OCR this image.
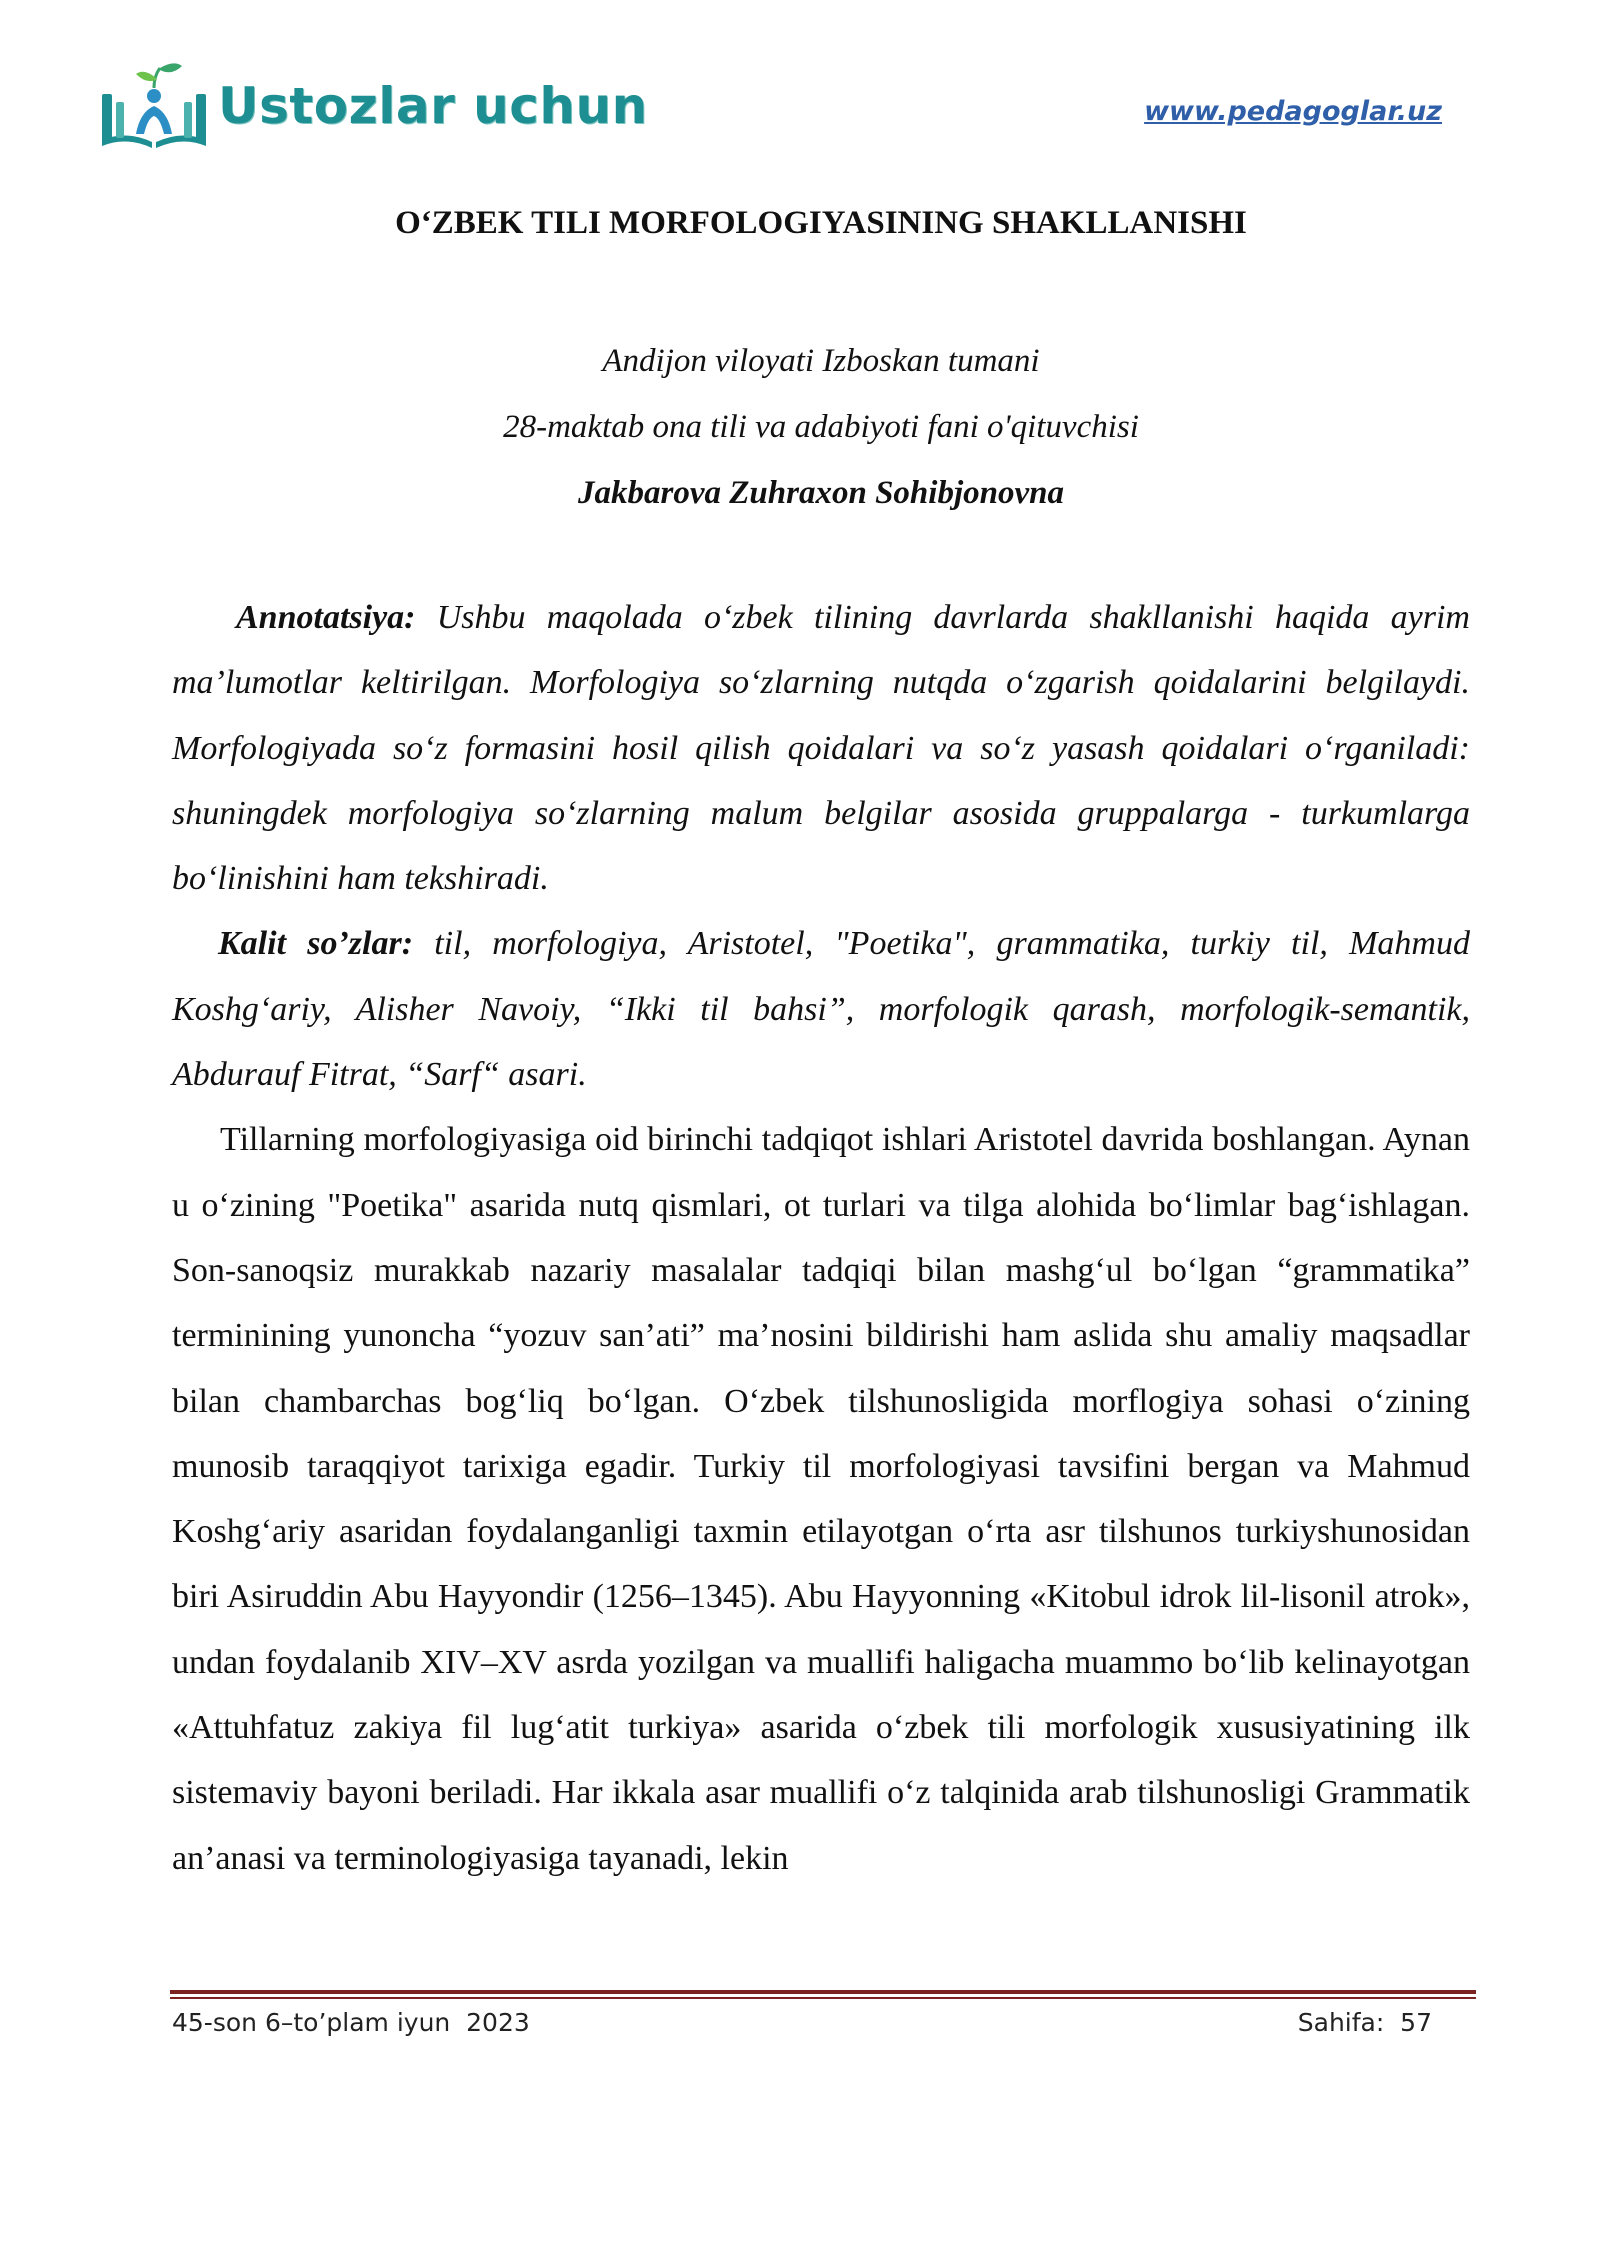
Ustozlar uchun	www.pedagoglar.uz
O‘ZBEK TILI MORFOLOGIYASINING SHAKLLANISHI
Andijon viloyati Izboskan tumani
28-maktab ona tili va adabiyoti fani o'qituvchisi
Jakbarova Zuhraxon Sohibjonovna

Annotatsiya: Ushbu maqolada o‘zbek tilining davrlarda shakllanishi haqida ayrim ma’lumotlar keltirilgan. Morfologiya so‘zlarning nutqda o‘zgarish qoidalarini belgilaydi. Morfologiyada so‘z formasini hosil qilish qoidalari va so‘z yasash qoidalari o‘rganiladi: shuningdek morfologiya so‘zlarning malum belgilar asosida gruppalarga - turkumlarga bo‘linishini ham tekshiradi.

Kalit so’zlar: til, morfologiya, Aristotel, "Poetika", grammatika, turkiy til, Mahmud Koshg‘ariy, Alisher Navoiy, “Ikki til bahsi”, morfologik qarash, morfologik-semantik, Abdurauf Fitrat, “Sarf“ asari.

Tillarning morfologiyasiga oid birinchi tadqiqot ishlari Aristotel davrida boshlangan. Aynan u o‘zining "Poetika" asarida nutq qismlari, ot turlari va tilga alohida bo‘limlar bag‘ishlagan. Son-sanoqsiz murakkab nazariy masalalar tadqiqi bilan mashg‘ul bo‘lgan “grammatika” terminining yunoncha “yozuv san’ati” ma’nosini bildirishi ham aslida shu amaliy maqsadlar bilan chambarchas bog‘liq bo‘lgan. O‘zbek tilshunosligida morflogiya sohasi o‘zining munosib taraqqiyot tarixiga egadir. Turkiy til morfologiyasi tavsifini bergan va Mahmud Koshg‘ariy asaridan foydalanganligi taxmin etilayotgan o‘rta asr tilshunos turkiyshunosidan biri Asiruddin Abu Hayyondir (1256–1345). Abu Hayyonning «Kitobul idrok lil-lisonil atrok», undan foydalanib XIV–XV asrda yozilgan va muallifi haligacha muammo bo‘lib kelinayotgan «Attuhfatuz zakiya fil lug‘atit turkiya» asarida o‘zbek tili morfologik xususiyatining ilk sistemaviy bayoni beriladi. Har ikkala asar muallifi o‘z talqinida arab tilshunosligi Grammatik an’anasi va terminologiyasiga tayanadi, lekin

45-son 6–to’plam iyun  2023	Sahifa:  57
